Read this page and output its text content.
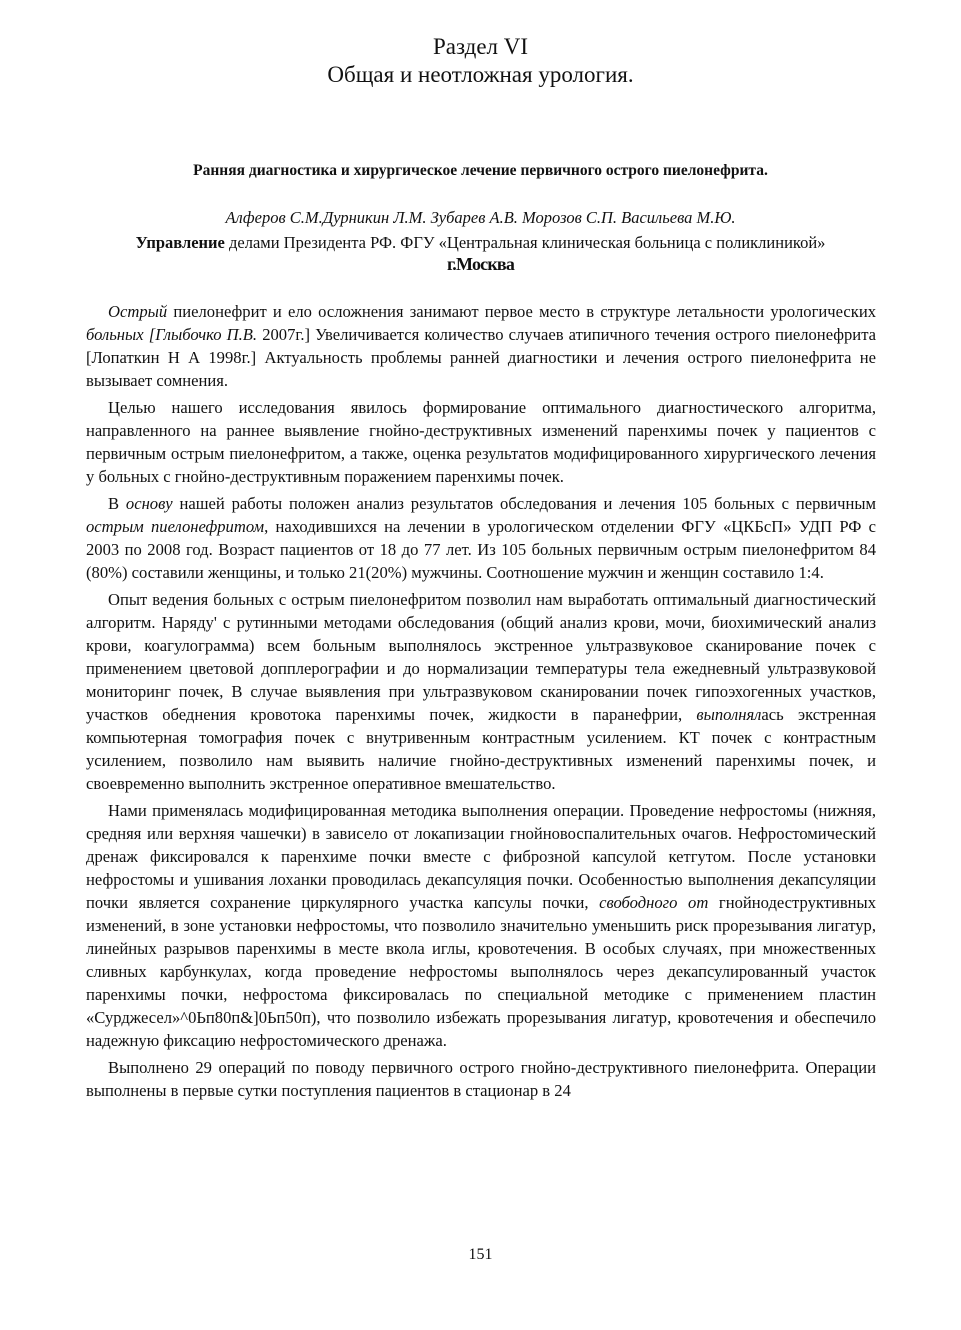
Раздел VI
Общая и неотложная урология.
Ранняя диагностика и хирургическое лечение первичного острого пиелонефрита.
Алферов С.М.Дурникин Л.М. Зубарев А.В. Морозов С.П. Васильева М.Ю.
Управление делами Президента РФ. ФГУ «Центральная клиническая больница с поликлиникой»
г.Москва

Острый пиелонефрит и ело осложнения занимают первое место в структуре летальности урологических больных [Глыбочко П.В. 2007г.] Увеличивается количество случаев атипичного течения острого пиелонефрита [Лопаткин Н А 1998г.] Актуальность проблемы ранней диагностики и лечения острого пиелонефрита не вызывает сомнения.

Целью нашего исследования явилось формирование оптимального диагностического алгоритма, направленного на раннее выявление гнойно-деструктивных изменений паренхимы почек у пациентов с первичным острым пиелонефритом, а также, оценка результатов модифицированного хирургического лечения у больных с гнойно-деструктивным поражением паренхимы почек.

В основу нашей работы положен анализ результатов обследования и лечения 105 больных с первичным острым пиелонефритом, находившихся на лечении в урологическом отделении ФГУ «ЦКБсП» УДП РФ с 2003 по 2008 год. Возраст пациентов от 18 до 77 лет. Из 105 больных первичным острым пиелонефритом 84 (80%) составили женщины, и только 21(20%) мужчины. Соотношение мужчин и женщин составило 1:4.

Опыт ведения больных с острым пиелонефритом позволил нам выработать оптимальный диагностический алгоритм. Наряду' с рутинными методами обследования (общий анализ крови, мочи, биохимический анализ крови, коагулограмма) всем больным выполнялось экстренное ультразвуковое сканирование почек с применением цветовой допплерографии и до нормализации температуры тела ежедневный ультразвуковой мониторинг почек, В случае выявления при ультразвуковом сканировании почек гипоэхогенных участков, участков обеднения кровотока паренхимы почек, жидкости в паранефрии, выполнялась экстренная компьютерная томография почек с внутривенным контрастным усилением. КТ почек с контрастным усилением, позволило нам выявить наличие гнойно-деструктивных изменений паренхимы почек, и своевременно выполнить экстренное оперативное вмешательство.

Нами применялась модифицированная методика выполнения операции. Проведение нефростомы (нижняя, средняя или верхняя чашечки) в зависело от локапизации гнойновоспалительных очагов. Нефростомический дренаж фиксировался к паренхиме почки вместе с фиброзной капсулой кетгутом. После установки нефростомы и ушивания лоханки проводилась декапсуляция почки. Особенностью выполнения декапсуляции почки является сохранение циркулярного участка капсулы почки, свободного от гнойнодеструктивных изменений, в зоне установки нефростомы, что позволило значительно уменьшить риск прорезывания лигатур, линейных разрывов паренхимы в месте вкола иглы, кровотечения. В особых случаях, при множественных сливных карбункулах, когда проведение нефростомы выполнялось через декапсулированный участок паренхимы почки, нефростома фиксировалась по специальной методике с применением пластин «Сурджесел»^0Ьп80п&]0Ьп50п), что позволило избежать прорезывания лигатур, кровотечения и обеспечило надежную фиксацию нефростомического дренажа.

Выполнено 29 операций по поводу первичного острого гнойно-деструктивного пиелонефрита. Операции выполнены в первые сутки поступления пациентов в стационар в 24

151
